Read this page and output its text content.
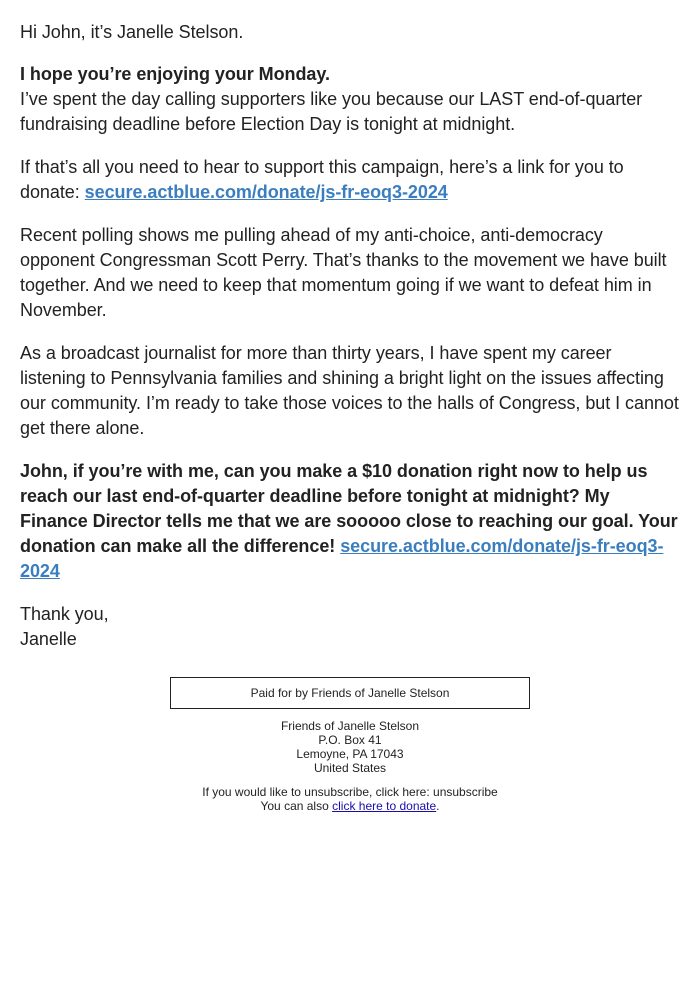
Hi John, it’s Janelle Stelson.

I hope you’re enjoying your Monday.
I’ve spent the day calling supporters like you because our LAST end-of-quarter fundraising deadline before Election Day is tonight at midnight.

If that’s all you need to hear to support this campaign, here’s a link for you to donate: secure.actblue.com/donate/js-fr-eoq3-2024

Recent polling shows me pulling ahead of my anti-choice, anti-democracy opponent Congressman Scott Perry. That’s thanks to the movement we have built together. And we need to keep that momentum going if we want to defeat him in November.

As a broadcast journalist for more than thirty years, I have spent my career listening to Pennsylvania families and shining a bright light on the issues affecting our community. I’m ready to take those voices to the halls of Congress, but I cannot get there alone.

John, if you’re with me, can you make a $10 donation right now to help us reach our last end-of-quarter deadline before tonight at midnight? My Finance Director tells me that we are sooooo close to reaching our goal. Your donation can make all the difference! secure.actblue.com/donate/js-fr-eoq3-2024

Thank you,
Janelle

Paid for by Friends of Janelle Stelson
Friends of Janelle Stelson
P.O. Box 41
Lemoyne, PA 17043
United States
If you would like to unsubscribe, click here: unsubscribe
You can also click here to donate.
